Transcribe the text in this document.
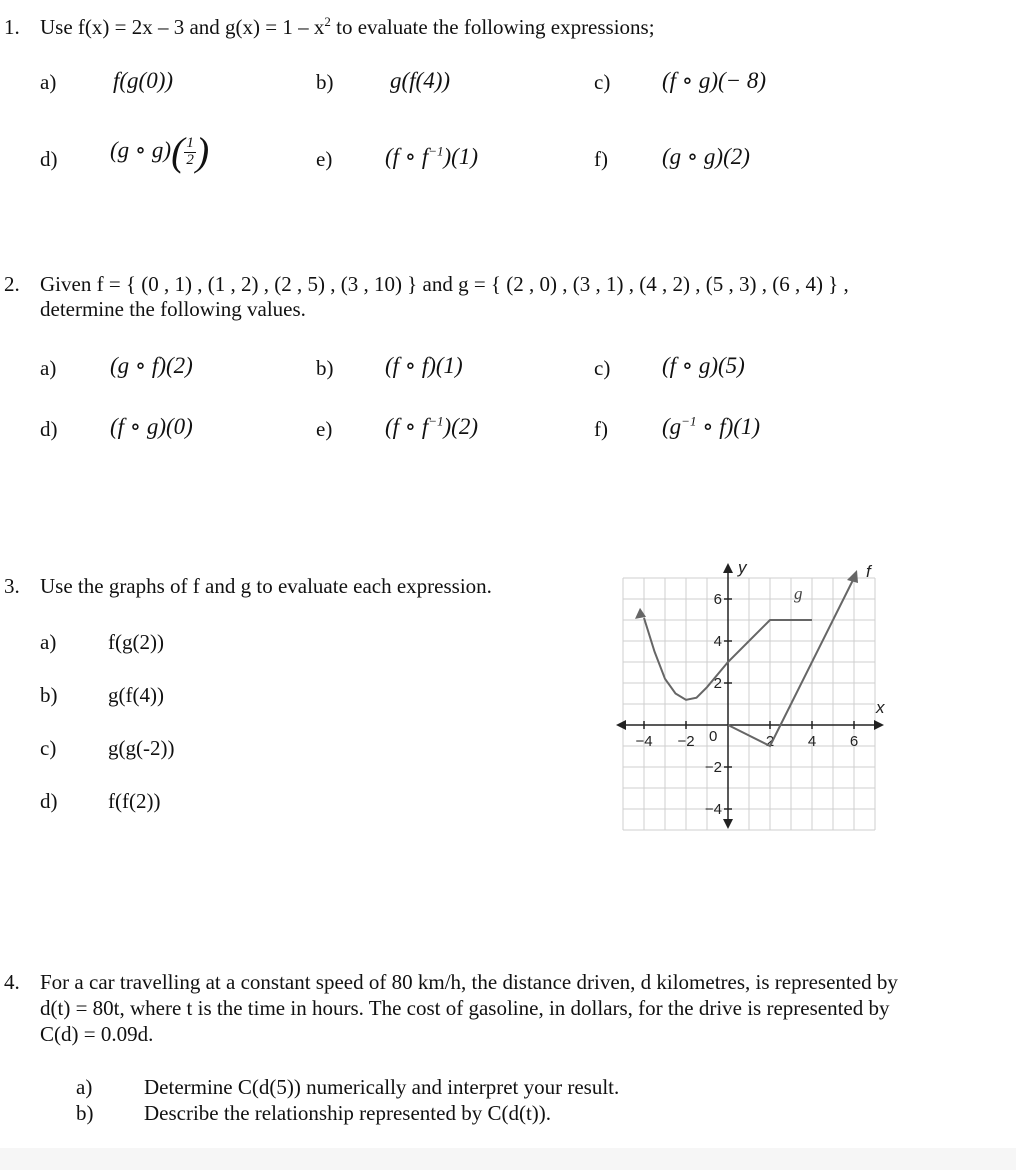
1. Use f(x) = 2x – 3 and $g(x) = 1 - x^2$ to evaluate the following expressions;
a) f(g(0))	b) g(f(4))	c) (f ∘ g)(− 8)
d) (g ∘ $g)( \frac{1}{2}$ )	e) (f ∘ $f^{-1})(1)$	f) (g ∘ g)(2)
2. Given f = { (0 , 1) , (1 , 2) , (2 , 5) , (3 , 10) } and g = { (2 , 0) , (3 , 1) , (4 , 2) , (5 , 3) , (6 , 4) } ,
determine the following values.
a) (g ∘ f)(2)	b) (f ∘ f)(1)	c) (f ∘ g)(5)
d) (f ∘ g)(0)	e) (f ∘ $f^{-1})(2)$	f) ($g^{-1}$ ∘ f)(1)
3. Use the graphs of f and g to evaluate each expression.
a) f(g(2))
b) g(f(4))
c) g(g(-2))
d) f(f(2))
−4 −2	2 4 6
6
4
2
−2
−4
y
x
f
g
0
4. For a car travelling at a constant speed of 80 km/h, the distance driven, d kilometres, is represented by
d(t) = 80t, where t is the time in hours. The cost of gasoline, in dollars, for the drive is represented by
C(d) = 0.09d.
a) Determine C(d(5)) numerically and interpret your result.
b) Describe the relationship represented by C(d(t)).
